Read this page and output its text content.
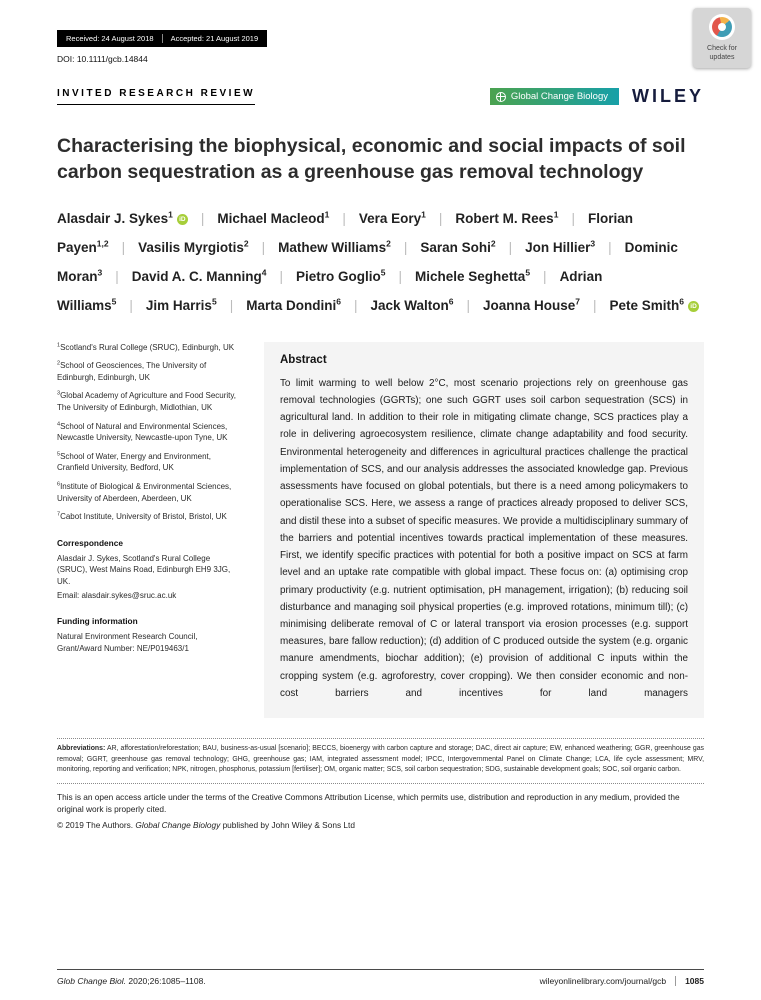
Received: 24 August 2018 Accepted: 21 August 2019
DOI: 10.1111/gcb.14844
Check for updates
INVITED RESEARCH REVIEW	Global Change Biology WILEY
Characterising the biophysical, economic and social impacts of soil carbon sequestration as a greenhouse gas removal technology
Alasdair J. Sykes$^1$ iD | Michael Macleod$^1$ | Vera Eory$^1$ | Robert M. Rees$^1$ | Florian Payen$^{1,2}$ | Vasilis Myrgiotis$^2$ | Mathew Williams$^2$ | Saran Sohi$^2$ | Jon Hillier$^3$ | Dominic Moran$^3$ | David A. C. Manning$^4$ | Pietro Goglio$^5$ | Michele Seghetta$^5$ | Adrian Williams$^5$ | Jim Harris$^5$ | Marta Dondini$^6$ | Jack Walton$^6$ | Joanna House$^7$ | Pete Smith$^6$ iD

$^1$Scotland's Rural College (SRUC), Edinburgh, UK

$^2$School of Geosciences, The University of Edinburgh, Edinburgh, UK

$^3$Global Academy of Agriculture and Food Security, The University of Edinburgh, Midlothian, UK

$^4$School of Natural and Environmental Sciences, Newcastle University, Newcastle-upon Tyne, UK

$^5$School of Water, Energy and Environment, Cranfield University, Bedford, UK

$^6$Institute of Biological & Environmental Sciences, University of Aberdeen, Aberdeen, UK

$^7$Cabot Institute, University of Bristol, Bristol, UK

Correspondence

Alasdair J. Sykes, Scotland's Rural College (SRUC), West Mains Road, Edinburgh EH9 3JG, UK.

Email: alasdair.sykes@sruc.ac.uk

Funding information

Natural Environment Research Council, Grant/Award Number: NE/P019463/1

Abstract

To limit warming to well below 2°C, most scenario projections rely on greenhouse gas removal technologies (GGRTs); one such GGRT uses soil carbon sequestration (SCS) in agricultural land. In addition to their role in mitigating climate change, SCS practices play a role in delivering agroecosystem resilience, climate change adaptability and food security. Environmental heterogeneity and differences in agricultural practices challenge the practical implementation of SCS, and our analysis addresses the associated knowledge gap. Previous assessments have focused on global potentials, but there is a need among policymakers to operationalise SCS. Here, we assess a range of practices already proposed to deliver SCS, and distil these into a subset of specific measures. We provide a multidisciplinary summary of the barriers and potential incentives towards practical implementation of these measures. First, we identify specific practices with potential for both a positive impact on SCS at farm level and an uptake rate compatible with global impact. These focus on: (a) optimising crop primary productivity (e.g. nutrient optimisation, pH management, irrigation); (b) reducing soil disturbance and managing soil physical properties (e.g. improved rotations, minimum till); (c) minimising deliberate removal of C or lateral transport via erosion processes (e.g. support measures, bare fallow reduction); (d) addition of C produced outside the system (e.g. organic manure amendments, biochar addition); (e) provision of additional C inputs within the cropping system (e.g. agroforestry, cover cropping). We then consider economic and non-cost barriers and incentives for land managers

Abbreviations: AR, afforestation/reforestation; BAU, business-as-usual [scenario]; BECCS, bioenergy with carbon capture and storage; DAC, direct air capture; EW, enhanced weathering; GGR, greenhouse gas removal; GGRT, greenhouse gas removal technology; GHG, greenhouse gas; IAM, integrated assessment model; IPCC, Intergovernmental Panel on Climate Change; LCA, life cycle assessment; MRV, monitoring, reporting and verification; NPK, nitrogen, phosphorus, potassium [fertiliser]; OM, organic matter; SCS, soil carbon sequestration; SDG, sustainable development goals; SOC, soil organic carbon.

This is an open access article under the terms of the Creative Commons Attribution License, which permits use, distribution and reproduction in any medium, provided the original work is properly cited.

© 2019 The Authors. Global Change Biology published by John Wiley & Sons Ltd

Glob Change Biol. 2020;26:1085–1108.	wileyonlinelibrary.com/journal/gcb 1085
